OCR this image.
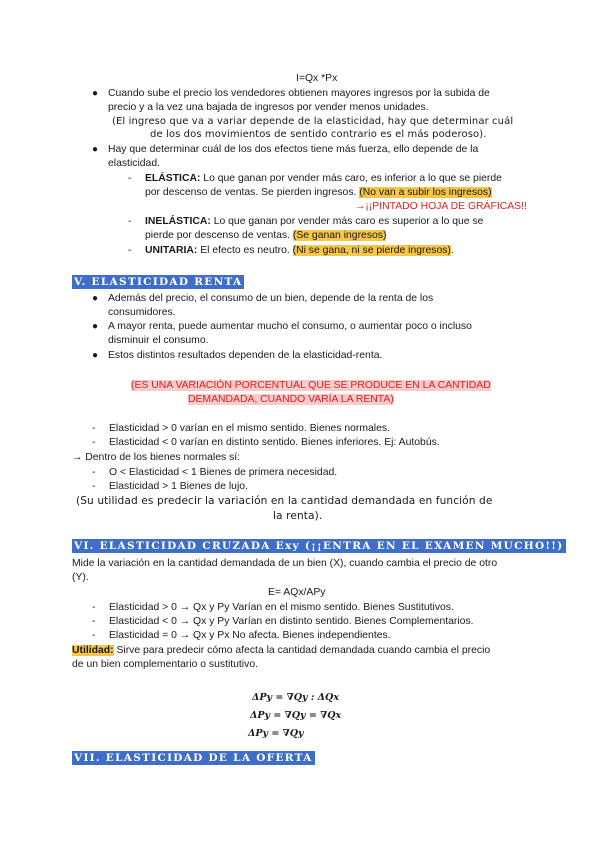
I=Qx *Px
● Cuando sube el precio los vendedores obtienen mayores ingresos por la subida de
precio y a la vez una bajada de ingresos por vender menos unidades.
(El ingreso que va a variar depende de la elasticidad, hay que determinar cuál
de los dos movimientos de sentido contrario es el más poderoso).
● Hay que determinar cuál de los dos efectos tiene más fuerza, ello depende de la
elasticidad.
- ELÁSTICA: Lo que ganan por vender más caro, es inferior a lo que se pierde
por descenso de ventas. Se pierden ingresos. (No van a subir los ingresos)
→¡¡PINTADO HOJA DE GRÁFICAS!!
- INELÁSTICA: Lo que ganan por vender más caro es superior a lo que se
pierde por descenso de ventas. (Se ganan ingresos)
- UNITARIA: El efecto es neutro. (Ni se gana, ni se pierde ingresos).
V. ELASTICIDAD RENTA
● Además del precio, el consumo de un bien, depende de la renta de los
consumidores.
● A mayor renta, puede aumentar mucho el consumo, o aumentar poco o incluso
disminuir el consumo.
● Estos distintos resultados dependen de la elasticidad-renta.
(ES UNA VARIACIÓN PORCENTUAL QUE SE PRODUCE EN LA CANTIDAD
DEMANDADA, CUANDO VARÍA LA RENTA)
- Elasticidad > 0 varían en el mismo sentido. Bienes normales.
- Elasticidad < 0 varían en distinto sentido. Bienes inferiores. Ej: Autobús.
→ Dentro de los bienes normales sí:
- O < Elasticidad < 1 Bienes de primera necesidad.
- Elasticidad > 1 Bienes de lujo.
(Su utilidad es predecir la variación en la cantidad demandada en función de
la renta).
VI. ELASTICIDAD CRUZADA Exy (¡¡ENTRA EN EL EXAMEN MUCHO!!)
Mide la variación en la cantidad demandada de un bien (X), cuando cambia el precio de otro
(Y).
E= AQx/APy
- Elasticidad > 0 → Qx y Py Varían en el mismo sentido. Bienes Sustitutivos.
- Elasticidad < 0 → Qx y Py Varían en distinto sentido. Bienes Complementarios.
- Elasticidad = 0 → Qx y Px No afecta. Bienes independientes.
Utilidad: Sirve para predecir cómo afecta la cantidad demandada cuando cambia el precio
de un bien complementario o sustitutivo.
ΔPy = ∇Qy : ΔQx
ΔPy = ∇Qy = ∇Qx
ΔPy = ∇Qy
VII. ELASTICIDAD DE LA OFERTA
